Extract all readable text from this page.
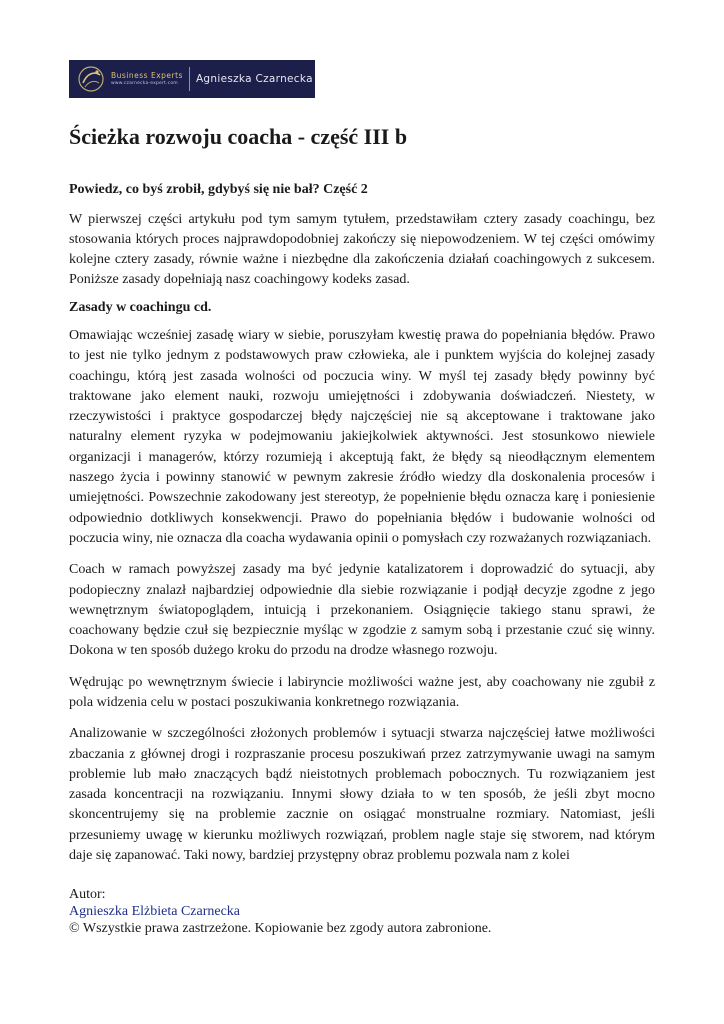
Business Experts
www.czarnecka-expert.com	Agnieszka Czarnecka
Ścieżka rozwoju coacha - część III b
Powiedz, co byś zrobił, gdybyś się nie bał? Część 2

W pierwszej części artykułu pod tym samym tytułem, przedstawiłam cztery zasady coachingu, bez stosowania których proces najprawdopodobniej zakończy się niepowodzeniem. W tej części omówimy kolejne cztery zasady, równie ważne i niezbędne dla zakończenia działań coachingowych z sukcesem. Poniższe zasady dopełniają nasz coachingowy kodeks zasad.

Zasady w coachingu cd.

Omawiając wcześniej zasadę wiary w siebie, poruszyłam kwestię prawa do popełniania błędów. Prawo to jest nie tylko jednym z podstawowych praw człowieka, ale i punktem wyjścia do kolejnej zasady coachingu, którą jest zasada wolności od poczucia winy. W myśl tej zasady błędy powinny być traktowane jako element nauki, rozwoju umiejętności i zdobywania doświadczeń. Niestety, w rzeczywistości i praktyce gospodarczej błędy najczęściej nie są akceptowane i traktowane jako naturalny element ryzyka w podejmowaniu jakiejkolwiek aktywności. Jest stosunkowo niewiele organizacji i managerów, którzy rozumieją i akceptują fakt, że błędy są nieodłącznym elementem naszego życia i powinny stanowić w pewnym zakresie źródło wiedzy dla doskonalenia procesów i umiejętności. Powszechnie zakodowany jest stereotyp, że popełnienie błędu oznacza karę i poniesienie odpowiednio dotkliwych konsekwencji. Prawo do popełniania błędów i budowanie wolności od poczucia winy, nie oznacza dla coacha wydawania opinii o pomysłach czy rozważanych rozwiązaniach.

Coach w ramach powyższej zasady ma być jedynie katalizatorem i doprowadzić do sytuacji, aby podopieczny znalazł najbardziej odpowiednie dla siebie rozwiązanie i podjął decyzje zgodne z jego wewnętrznym światopoglądem, intuicją i przekonaniem. Osiągnięcie takiego stanu sprawi, że coachowany będzie czuł się bezpiecznie myśląc w zgodzie z samym sobą i przestanie czuć się winny. Dokona w ten sposób dużego kroku do przodu na drodze własnego rozwoju.

Wędrując po wewnętrznym świecie i labiryncie możliwości ważne jest, aby coachowany nie zgubił z pola widzenia celu w postaci poszukiwania konkretnego rozwiązania.

Analizowanie w szczególności złożonych problemów i sytuacji stwarza najczęściej łatwe możliwości zbaczania z głównej drogi i rozpraszanie procesu poszukiwań przez zatrzymywanie uwagi na samym problemie lub mało znaczących bądź nieistotnych problemach pobocznych. Tu rozwiązaniem jest zasada koncentracji na rozwiązaniu. Innymi słowy działa to w ten sposób, że jeśli zbyt mocno skoncentrujemy się na problemie zacznie on osiągać monstrualne rozmiary. Natomiast, jeśli przesuniemy uwagę w kierunku możliwych rozwiązań, problem nagle staje się stworem, nad którym daje się zapanować. Taki nowy, bardziej przystępny obraz problemu pozwala nam z kolei

Autor:
Agnieszka Elżbieta Czarnecka
© Wszystkie prawa zastrzeżone. Kopiowanie bez zgody autora zabronione.
